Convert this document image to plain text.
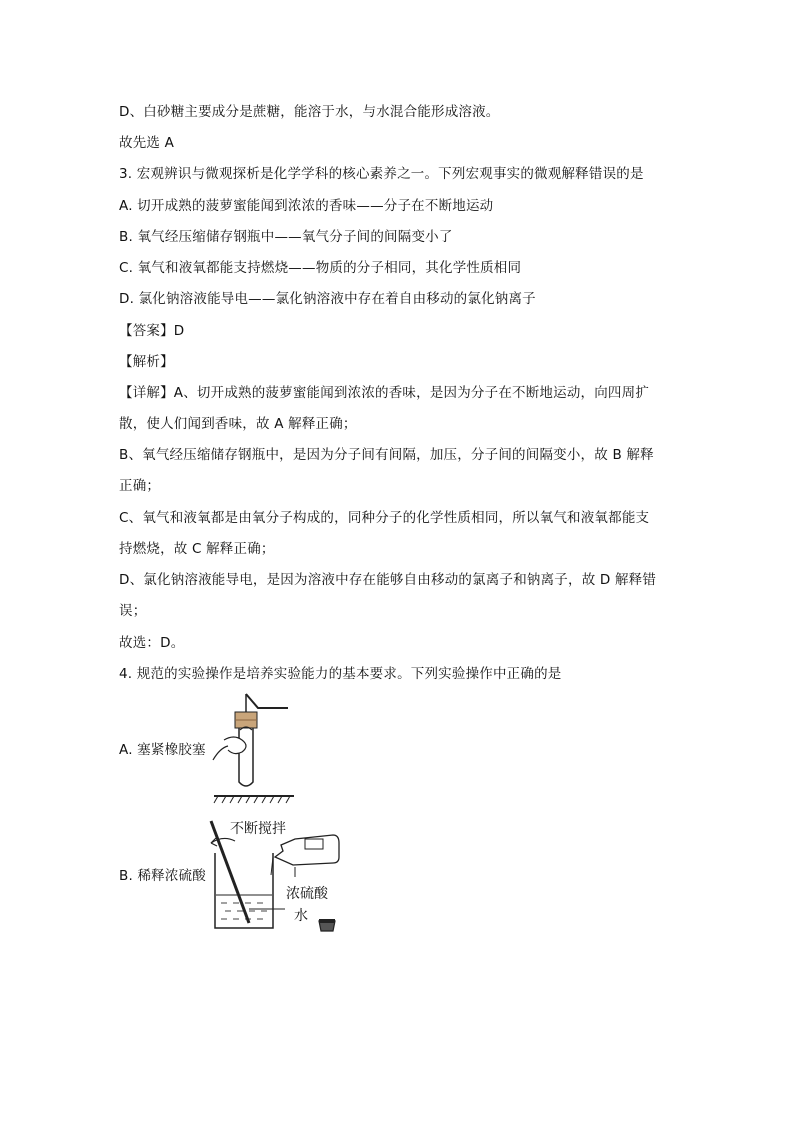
D、白砂糖主要成分是蔗糖，能溶于水，与水混合能形成溶液。
故先选 A
3. 宏观辨识与微观探析是化学学科的核心素养之一。下列宏观事实的微观解释错误的是
A. 切开成熟的菠萝蜜能闻到浓浓的香味——分子在不断地运动
B. 氧气经压缩储存钢瓶中——氧气分子间的间隔变小了
C. 氧气和液氧都能支持燃烧——物质的分子相同，其化学性质相同
D. 氯化钠溶液能导电——氯化钠溶液中存在着自由移动的氯化钠离子
【答案】D
【解析】
【详解】A、切开成熟的菠萝蜜能闻到浓浓的香味，是因为分子在不断地运动，向四周扩
散，使人们闻到香味，故 A 解释正确；
B、氧气经压缩储存钢瓶中，是因为分子间有间隔，加压，分子间的间隔变小，故 B 解释
正确；
C、氧气和液氧都是由氧分子构成的，同种分子的化学性质相同，所以氧气和液氧都能支
持燃烧，故 C 解释正确；
D、氯化钠溶液能导电，是因为溶液中存在能够自由移动的氯离子和钠离子，故 D 解释错
误；
故选：D。
4. 规范的实验操作是培养实验能力的基本要求。下列实验操作中正确的是
A. 塞紧橡胶塞
B. 稀释浓硫酸
不断搅拌
浓硫酸
水
